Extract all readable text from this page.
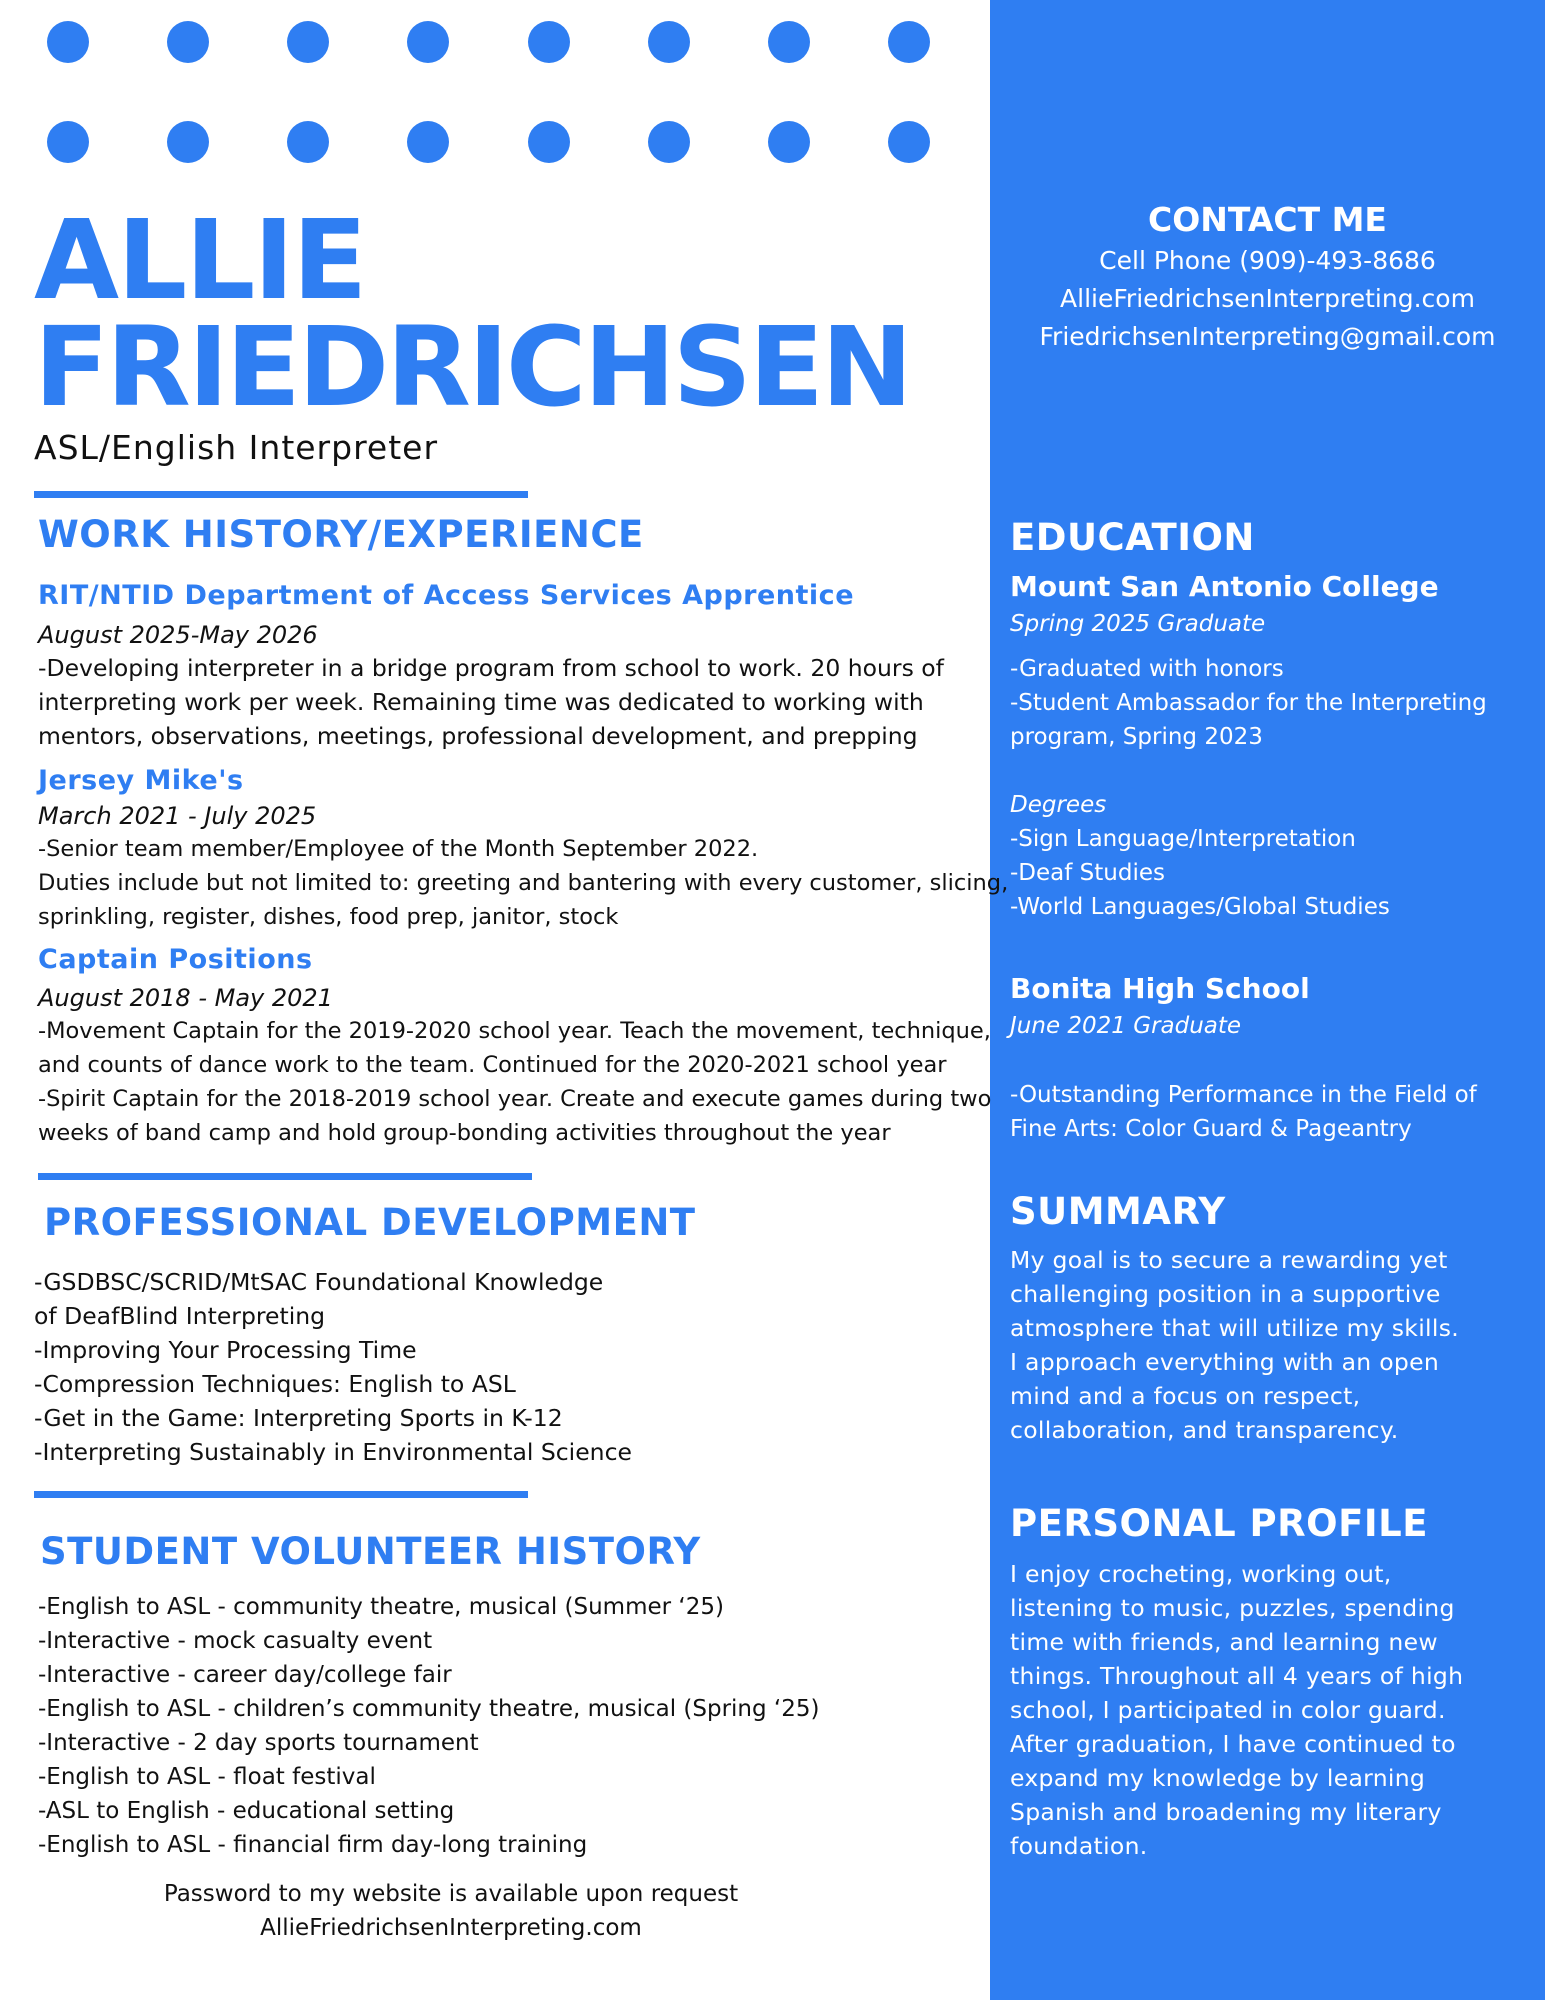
ALLIE
FRIEDRICHSEN
ASL/English Interpreter
WORK HISTORY/EXPERIENCE
RIT/NTID Department of Access Services Apprentice
August 2025-May 2026
-Developing interpreter in a bridge program from school to work. 20 hours of
interpreting work per week. Remaining time was dedicated to working with
mentors, observations, meetings, professional development, and prepping
Jersey Mike's
March 2021 - July 2025
-Senior team member/Employee of the Month September 2022.
Duties include but not limited to: greeting and bantering with every customer, slicing,
sprinkling, register, dishes, food prep, janitor, stock
Captain Positions
August 2018 - May 2021
-Movement Captain for the 2019-2020 school year. Teach the movement, technique,
and counts of dance work to the team. Continued for the 2020-2021 school year
-Spirit Captain for the 2018-2019 school year. Create and execute games during two
weeks of band camp and hold group-bonding activities throughout the year
PROFESSIONAL DEVELOPMENT
-GSDBSC/SCRID/MtSAC Foundational Knowledge
of DeafBlind Interpreting
-Improving Your Processing Time
-Compression Techniques: English to ASL
-Get in the Game: Interpreting Sports in K-12
-Interpreting Sustainably in Environmental Science
STUDENT VOLUNTEER HISTORY
-English to ASL - community theatre, musical (Summer ‘25)
-Interactive - mock casualty event
-Interactive - career day/college fair
-English to ASL - children’s community theatre, musical (Spring ‘25)
-Interactive - 2 day sports tournament
-English to ASL - float festival
-ASL to English - educational setting
-English to ASL - financial firm day-long training
Password to my website is available upon request
AllieFriedrichsenInterpreting.com
CONTACT ME
Cell Phone (909)-493-8686
AllieFriedrichsenInterpreting.com
FriedrichsenInterpreting@gmail.com
EDUCATION
Mount San Antonio College
Spring 2025 Graduate
-Graduated with honors
-Student Ambassador for the Interpreting
program, Spring 2023
Degrees
-Sign Language/Interpretation
-Deaf Studies
-World Languages/Global Studies
Bonita High School
June 2021 Graduate
-Outstanding Performance in the Field of
Fine Arts: Color Guard & Pageantry
SUMMARY
My goal is to secure a rewarding yet
challenging position in a supportive
atmosphere that will utilize my skills.
I approach everything with an open
mind and a focus on respect,
collaboration, and transparency.
PERSONAL PROFILE
I enjoy crocheting, working out,
listening to music, puzzles, spending
time with friends, and learning new
things. Throughout all 4 years of high
school, I participated in color guard.
After graduation, I have continued to
expand my knowledge by learning
Spanish and broadening my literary
foundation.
